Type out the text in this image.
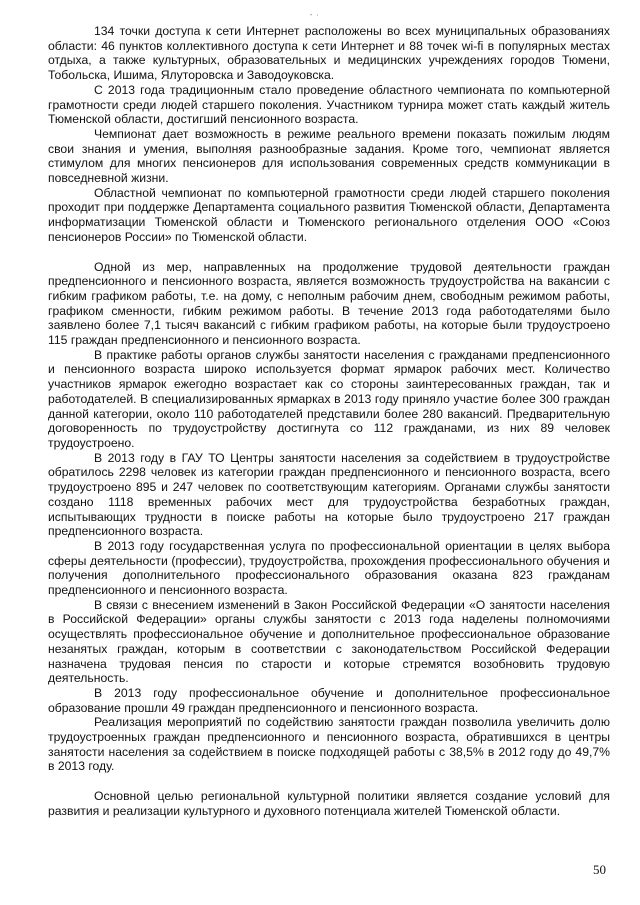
- ·

134 точки доступа к сети Интернет расположены во всех муниципальных образованиях области: 46 пунктов коллективного доступа к сети Интернет и 88 точек wi-fi в популярных местах отдыха, а также культурных, образовательных и медицинских учреждениях городов Тюмени, Тобольска, Ишима, Ялуторовска и Заводоуковска.

С 2013 года традиционным стало проведение областного чемпионата по компьютерной грамотности среди людей старшего поколения. Участником турнира может стать каждый житель Тюменской области, достигший пенсионного возраста.

Чемпионат дает возможность в режиме реального времени показать пожилым людям свои знания и умения, выполняя разнообразные задания. Кроме того, чемпионат является стимулом для многих пенсионеров для использования современных средств коммуникации в повседневной жизни.

Областной чемпионат по компьютерной грамотности среди людей старшего поколения проходит при поддержке Департамента социального развития Тюменской области, Департамента информатизации Тюменской области и Тюменского регионального отделения ООО «Союз пенсионеров России» по Тюменской области.

Одной из мер, направленных на продолжение трудовой деятельности граждан предпенсионного и пенсионного возраста, является возможность трудоустройства на вакансии с гибким графиком работы, т.е. на дому, с неполным рабочим днем, свободным режимом работы, графиком сменности, гибким режимом работы. В течение 2013 года работодателями было заявлено более 7,1 тысяч вакансий с гибким графиком работы, на которые были трудоустроено 115 граждан предпенсионного и пенсионного возраста.

В практике работы органов службы занятости населения с гражданами предпенсионного и пенсионного возраста широко используется формат ярмарок рабочих мест. Количество участников ярмарок ежегодно возрастает как со стороны заинтересованных граждан, так и работодателей. В специализированных ярмарках в 2013 году приняло участие более 300 граждан данной категории, около 110 работодателей представили более 280 вакансий. Предварительную договоренность по трудоустройству достигнута со 112 гражданами, из них 89 человек трудоустроено.

В 2013 году в ГАУ ТО Центры занятости населения за содействием в трудоустройстве обратилось 2298 человек из категории граждан предпенсионного и пенсионного возраста, всего трудоустроено 895 и 247 человек по соответствующим категориям. Органами службы занятости создано 1118 временных рабочих мест для трудоустройства безработных граждан, испытывающих трудности в поиске работы на которые было трудоустроено 217 граждан предпенсионного возраста.

В 2013 году государственная услуга по профессиональной ориентации в целях выбора сферы деятельности (профессии), трудоустройства, прохождения профессионального обучения и получения дополнительного профессионального образования оказана 823 гражданам предпенсионного и пенсионного возраста.

В связи с внесением изменений в Закон Российской Федерации «О занятости населения в Российской Федерации» органы службы занятости с 2013 года наделены полномочиями осуществлять профессиональное обучение и дополнительное профессиональное образование незанятых граждан, которым в соответствии с законодательством Российской Федерации назначена трудовая пенсия по старости и которые стремятся возобновить трудовую деятельность.

В 2013 году профессиональное обучение и дополнительное профессиональное образование прошли 49 граждан предпенсионного и пенсионного возраста.

Реализация мероприятий по содействию занятости граждан позволила увеличить долю трудоустроенных граждан предпенсионного и пенсионного возраста, обратившихся в центры занятости населения за содействием в поиске подходящей работы с 38,5% в 2012 году до 49,7% в 2013 году.

Основной целью региональной культурной политики является создание условий для развития и реализации культурного и духовного потенциала жителей Тюменской области.

50
